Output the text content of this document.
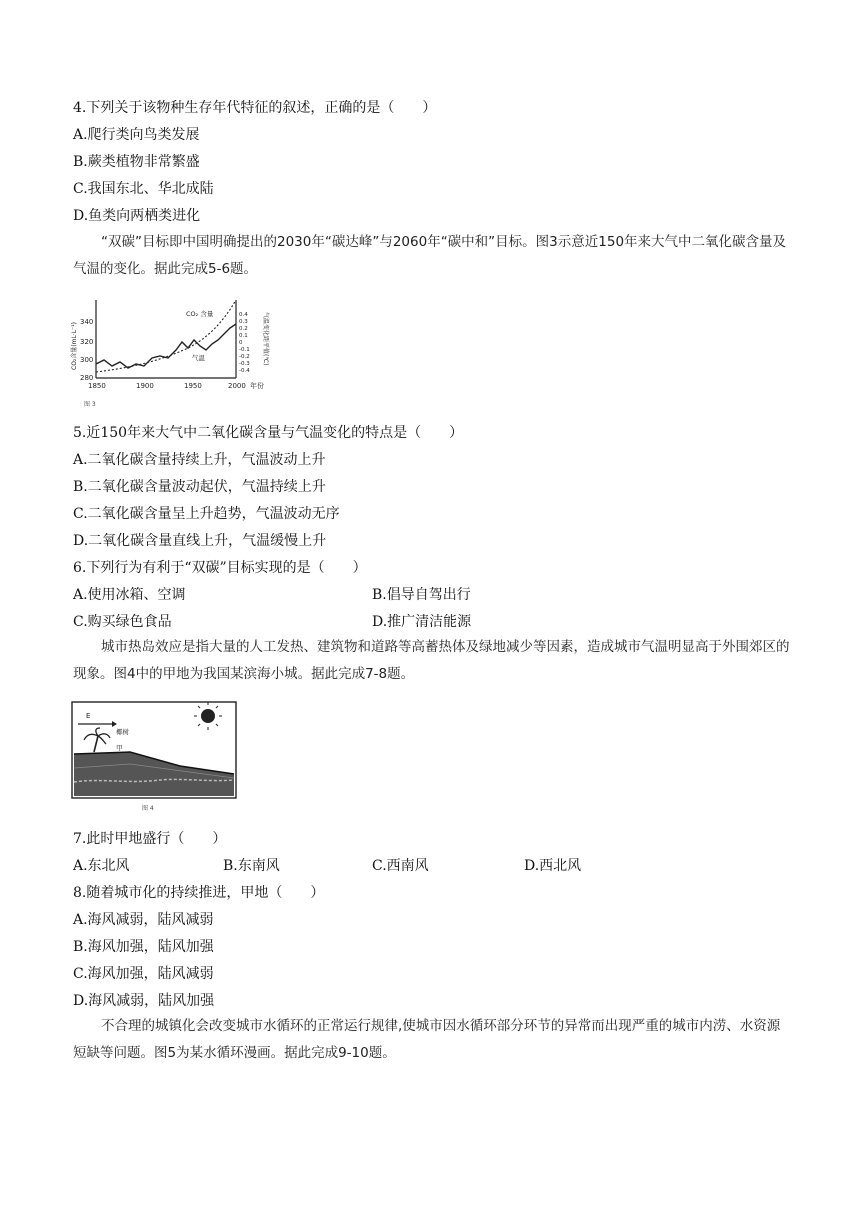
4.下列关于该物种生存年代特征的叙述，正确的是（　　）
A.爬行类向鸟类发展
B.蕨类植物非常繁盛
C.我国东北、华北成陆
D.鱼类向两栖类进化
“双碳”目标即中国明确提出的2030年“碳达峰”与2060年“碳中和”目标。图3示意近150年来大气中二氧化碳含量及气温的变化。据此完成5-6题。
280
300
320
340
CO₂含量(mL·L⁻¹)
0.4
0.3
0.2
0.1
0
-0.1
-0.2
-0.3
-0.4
气温变化距平值(℃)
1850	1900	1950	2000 年份
CO₂ 含量
气温
图 3
5.近150年来大气中二氧化碳含量与气温变化的特点是（　　）
A.二氧化碳含量持续上升，气温波动上升
B.二氧化碳含量波动起伏，气温持续上升
C.二氧化碳含量呈上升趋势，气温波动无序
D.二氧化碳含量直线上升，气温缓慢上升
6.下列行为有利于“双碳”目标实现的是（　　）
A.使用冰箱、空调	B.倡导自驾出行
C.购买绿色食品	D.推广清洁能源
城市热岛效应是指大量的人工发热、建筑物和道路等高蓄热体及绿地减少等因素，造成城市气温明显高于外围郊区的现象。图4中的甲地为我国某滨海小城。据此完成7-8题。
E
椰树
甲
图 4
7.此时甲地盛行（　　）
A.东北风	B.东南风	C.西南风	D.西北风
8.随着城市化的持续推进，甲地（　　）
A.海风减弱，陆风减弱
B.海风加强，陆风加强
C.海风加强，陆风减弱
D.海风减弱，陆风加强
不合理的城镇化会改变城市水循环的正常运行规律,使城市因水循环部分环节的异常而出现严重的城市内涝、水资源短缺等问题。图5为某水循环漫画。据此完成9-10题。
